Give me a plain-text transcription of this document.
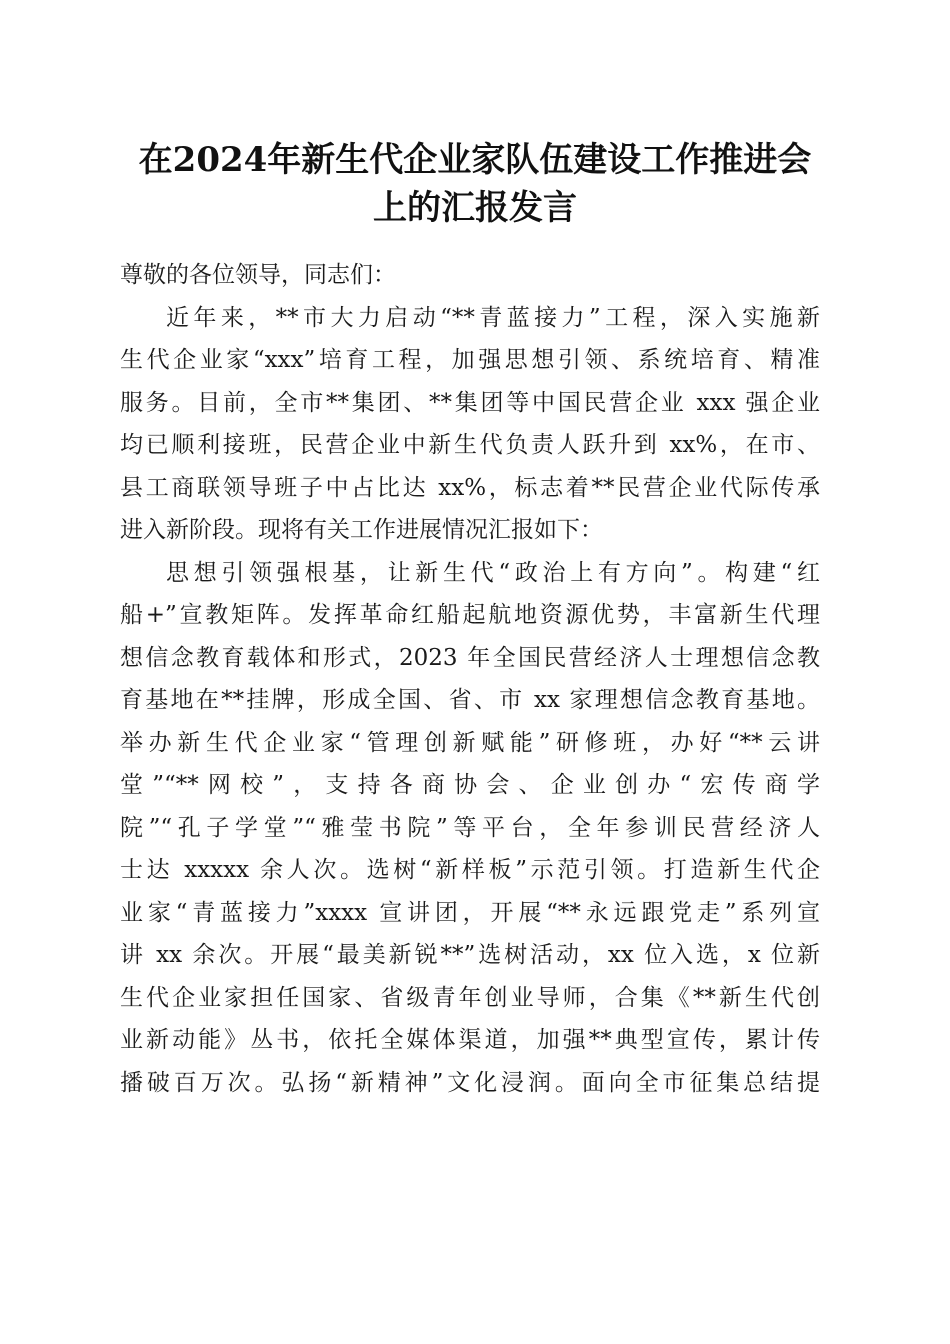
在2024年新生代企业家队伍建设工作推进会
上的汇报发言
尊敬的各位领导，同志们：
近年来，**市大力启动“**青蓝接力”工程，深入实施新
生代企业家“xxx”培育工程，加强思想引领、系统培育、精准
服务。目前，全市**集团、**集团等中国民营企业 xxx 强企业
均已顺利接班，民营企业中新生代负责人跃升到 xx%，在市、
县工商联领导班子中占比达 xx%，标志着**民营企业代际传承
进入新阶段。现将有关工作进展情况汇报如下：
思想引领强根基，让新生代“政治上有方向”。构建“红
船+”宣教矩阵。发挥革命红船起航地资源优势，丰富新生代理
想信念教育载体和形式，2023 年全国民营经济人士理想信念教
育基地在**挂牌，形成全国、省、市 xx 家理想信念教育基地。
举办新生代企业家“管理创新赋能”研修班，办好“**云讲
堂”“**网校”，支持各商协会、企业创办“宏传商学
院”“孔子学堂”“雅莹书院”等平台，全年参训民营经济人
士达 xxxxx 余人次。选树“新样板”示范引领。打造新生代企
业家“青蓝接力”xxxx 宣讲团，开展“**永远跟党走”系列宣
讲 xx 余次。开展“最美新锐**”选树活动，xx 位入选，x 位新
生代企业家担任国家、省级青年创业导师，合集《**新生代创
业新动能》丛书，依托全媒体渠道，加强**典型宣传，累计传
播破百万次。弘扬“新精神”文化浸润。面向全市征集总结提
